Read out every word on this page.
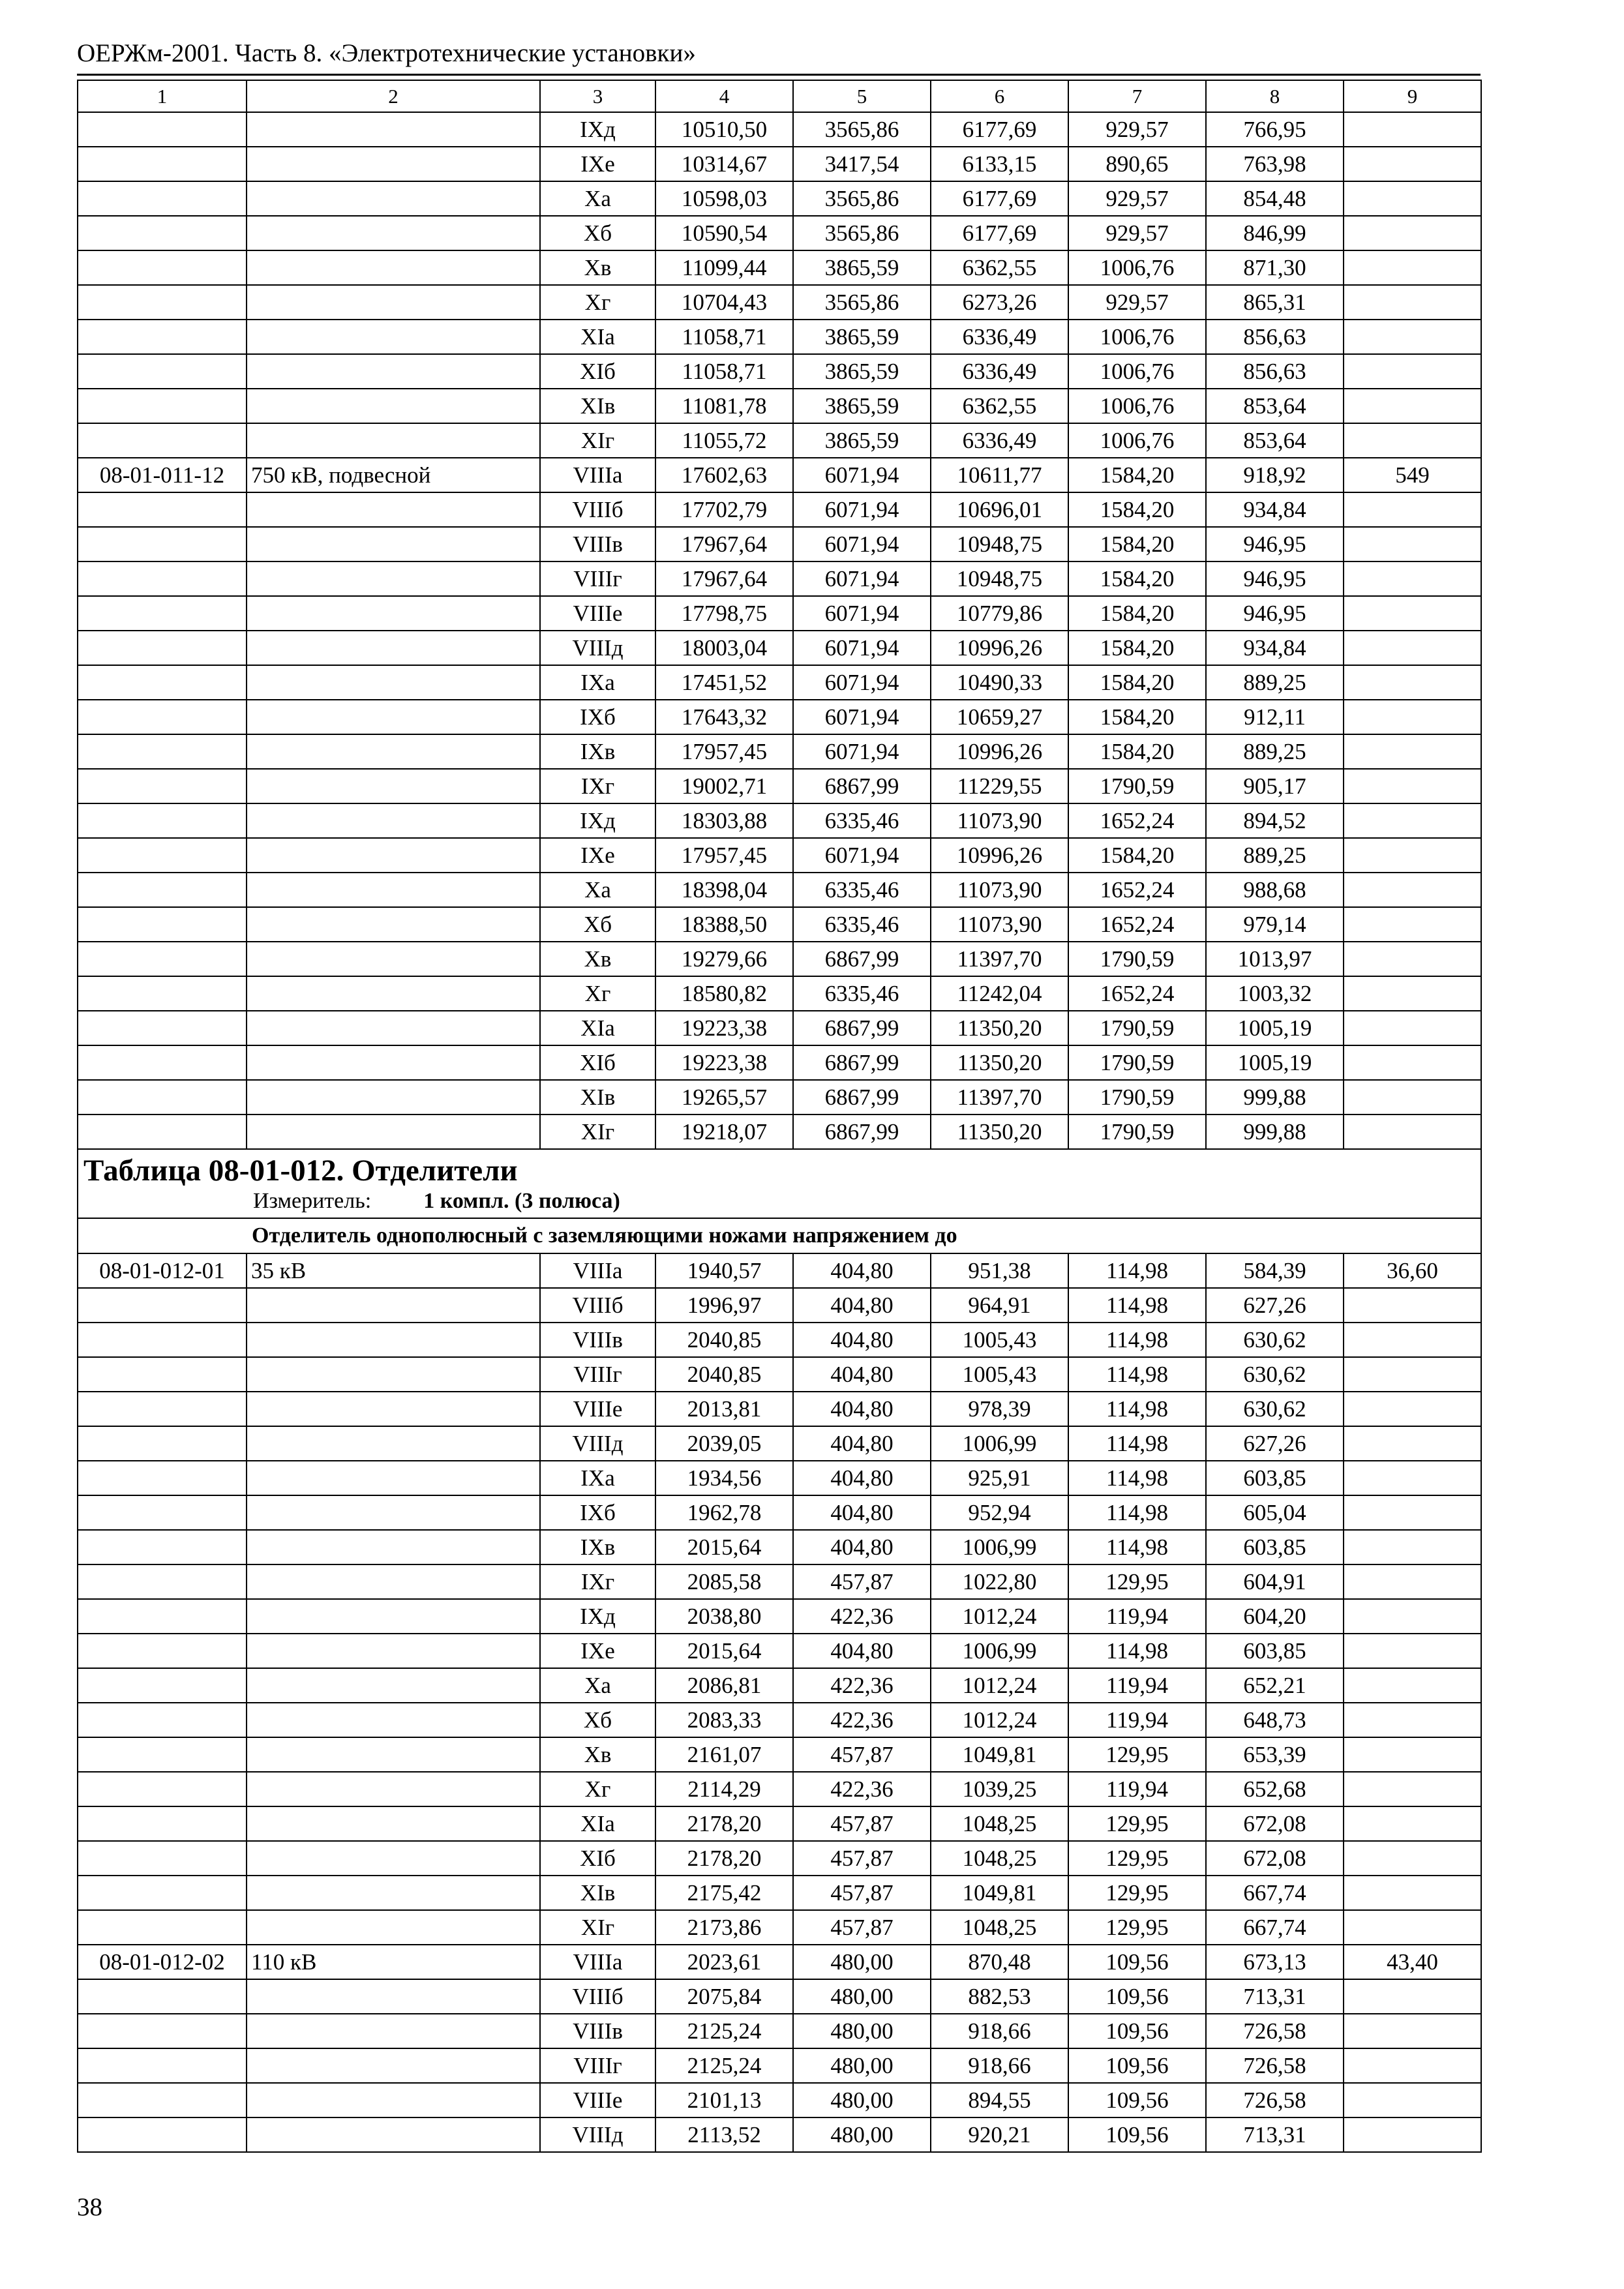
ОЕРЖм-2001. Часть 8. «Электротехнические установки»
1	2	3	4	5	6	7	8	9
		IXд	10510,50	3565,86	6177,69	929,57	766,95	
		IXе	10314,67	3417,54	6133,15	890,65	763,98	
		Xа	10598,03	3565,86	6177,69	929,57	854,48	
		Xб	10590,54	3565,86	6177,69	929,57	846,99	
		Xв	11099,44	3865,59	6362,55	1006,76	871,30	
		Xг	10704,43	3565,86	6273,26	929,57	865,31	
		XIа	11058,71	3865,59	6336,49	1006,76	856,63	
		XIб	11058,71	3865,59	6336,49	1006,76	856,63	
		XIв	11081,78	3865,59	6362,55	1006,76	853,64	
		XIг	11055,72	3865,59	6336,49	1006,76	853,64	
08-01-011-12	750 кВ, подвесной	VIIIа	17602,63	6071,94	10611,77	1584,20	918,92	549
		VIIIб	17702,79	6071,94	10696,01	1584,20	934,84	
		VIIIв	17967,64	6071,94	10948,75	1584,20	946,95	
		VIIIг	17967,64	6071,94	10948,75	1584,20	946,95	
		VIIIе	17798,75	6071,94	10779,86	1584,20	946,95	
		VIIIд	18003,04	6071,94	10996,26	1584,20	934,84	
		IXа	17451,52	6071,94	10490,33	1584,20	889,25	
		IXб	17643,32	6071,94	10659,27	1584,20	912,11	
		IXв	17957,45	6071,94	10996,26	1584,20	889,25	
		IXг	19002,71	6867,99	11229,55	1790,59	905,17	
		IXд	18303,88	6335,46	11073,90	1652,24	894,52	
		IXе	17957,45	6071,94	10996,26	1584,20	889,25	
		Xа	18398,04	6335,46	11073,90	1652,24	988,68	
		Xб	18388,50	6335,46	11073,90	1652,24	979,14	
		Xв	19279,66	6867,99	11397,70	1790,59	1013,97	
		Xг	18580,82	6335,46	11242,04	1652,24	1003,32	
		XIа	19223,38	6867,99	11350,20	1790,59	1005,19	
		XIб	19223,38	6867,99	11350,20	1790,59	1005,19	
		XIв	19265,57	6867,99	11397,70	1790,59	999,88	
		XIг	19218,07	6867,99	11350,20	1790,59	999,88	

Таблица 08-01-012. Отделители
Измеритель: 1 компл. (3 полюса)								

Отделитель однополюсный с заземляющими ножами напряжением до								
08-01-012-01	35 кВ	VIIIа	1940,57	404,80	951,38	114,98	584,39	36,60
		VIIIб	1996,97	404,80	964,91	114,98	627,26	
		VIIIв	2040,85	404,80	1005,43	114,98	630,62	
		VIIIг	2040,85	404,80	1005,43	114,98	630,62	
		VIIIе	2013,81	404,80	978,39	114,98	630,62	
		VIIIд	2039,05	404,80	1006,99	114,98	627,26	
		IXа	1934,56	404,80	925,91	114,98	603,85	
		IXб	1962,78	404,80	952,94	114,98	605,04	
		IXв	2015,64	404,80	1006,99	114,98	603,85	
		IXг	2085,58	457,87	1022,80	129,95	604,91	
		IXд	2038,80	422,36	1012,24	119,94	604,20	
		IXе	2015,64	404,80	1006,99	114,98	603,85	
		Xа	2086,81	422,36	1012,24	119,94	652,21	
		Xб	2083,33	422,36	1012,24	119,94	648,73	
		Xв	2161,07	457,87	1049,81	129,95	653,39	
		Xг	2114,29	422,36	1039,25	119,94	652,68	
		XIа	2178,20	457,87	1048,25	129,95	672,08	
		XIб	2178,20	457,87	1048,25	129,95	672,08	
		XIв	2175,42	457,87	1049,81	129,95	667,74	
		XIг	2173,86	457,87	1048,25	129,95	667,74	
08-01-012-02	110 кВ	VIIIа	2023,61	480,00	870,48	109,56	673,13	43,40
		VIIIб	2075,84	480,00	882,53	109,56	713,31	
		VIIIв	2125,24	480,00	918,66	109,56	726,58	
		VIIIг	2125,24	480,00	918,66	109,56	726,58	
		VIIIе	2101,13	480,00	894,55	109,56	726,58	
		VIIIд	2113,52	480,00	920,21	109,56	713,31	
38
